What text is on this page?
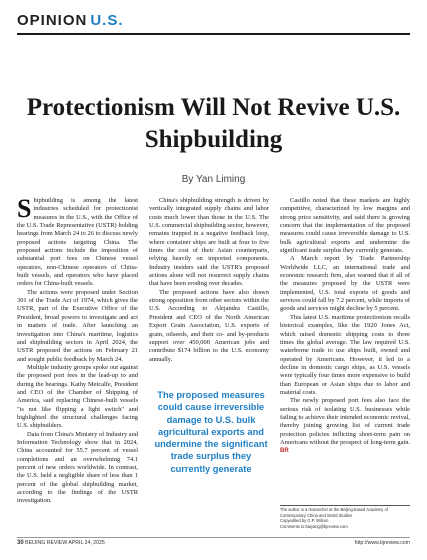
OPINION U.S.
Protectionism Will Not Revive U.S. Shipbuilding
By Yan Liming

Shipbuilding is among the latest industries scheduled for protectionist measures in the U.S., with the Office of the U.S. Trade Representative (USTR) holding hearings from March 24 to 26 to discuss newly proposed actions targeting China. The proposed actions include the imposition of substantial port fees on Chinese vessel operators, non-Chinese operators of China-built vessels, and operators who have placed orders for China-built vessels.

The actions were proposed under Section 301 of the Trade Act of 1974, which gives the USTR, part of the Executive Office of the President, broad powers to investigate and act in matters of trade. After launching an investigation into China's maritime, logistics and shipbuilding sectors in April 2024, the USTR proposed the actions on February 21 and sought public feedback by March 24.

Multiple industry groups spoke out against the proposed port fees in the lead-up to and during the hearings. Kathy Metcalfe, President and CEO of the Chamber of Shipping of America, said replacing Chinese-built vessels "is not like flipping a light switch" and highlighted the structural challenges facing U.S. shipbuilders.

Data from China's Ministry of Industry and Information Technology show that in 2024, China accounted for 55.7 percent of vessel completions and an overwhelming 74.1 percent of new orders worldwide. In contrast, the U.S. held a negligible share of less than 1 percent of the global shipbuilding market, according to the findings of the USTR investigation.

China's shipbuilding strength is driven by vertically integrated supply chains and labor costs much lower than those in the U.S. The U.S. commercial shipbuilding sector, however, remains trapped in a negative feedback loop, where container ships are built at four to five times the cost of their Asian counterparts, relying heavily on imported components. Industry insiders said the USTR's proposed actions alone will not resurrect supply chains that have been eroding over decades.

The proposed actions have also drawn strong opposition from other sectors within the U.S. According to Alejandra Castillo, President and CEO of the North American Export Grain Association, U.S. exports of grain, oilseeds, and their co- and by-products support over 450,000 American jobs and contribute $174 billion to the U.S. economy annually.

The proposed measures could cause irreversible damage to U.S. bulk agricultural exports and undermine the significant trade surplus they currently generate

Castillo noted that these markets are highly competitive, characterized by low margins and strong price sensitivity, and said there is growing concern that the implementation of the proposed measures could cause irreversible damage to U.S. bulk agricultural exports and undermine the significant trade surplus they currently generate.

A March report by Trade Partnership Worldwide LLC, an international trade and economic research firm, also warned that if all of the measures proposed by the USTR were implemented, U.S. total exports of goods and services could fall by 7.2 percent, while imports of goods and services might decline by 5 percent.

This latest U.S. maritime protectionism recalls historical examples, like the 1920 Jones Act, which raised domestic shipping costs to three times the global average. The law required U.S. waterborne trade to use ships built, owned and operated by Americans. However, it led to a decline in domestic cargo ships, as U.S. vessels were typically four times more expensive to build than European or Asian ships due to labor and material costs.

The newly proposed port fees also face the serious risk of isolating U.S. businesses while failing to achieve their intended economic revival, thereby joining growing list of current trade protection policies inflicting short-term pain on Americans without the prospect of long-term gain. BR

The author is a researcher at the Beijing-based Academy of Contemporary China and World Studies
Copyedited by G.P. Wilson
Comments to baiyang@bjreview.com
30 BEIJING REVIEW APRIL 24, 2025	http://www.bjreview.com
